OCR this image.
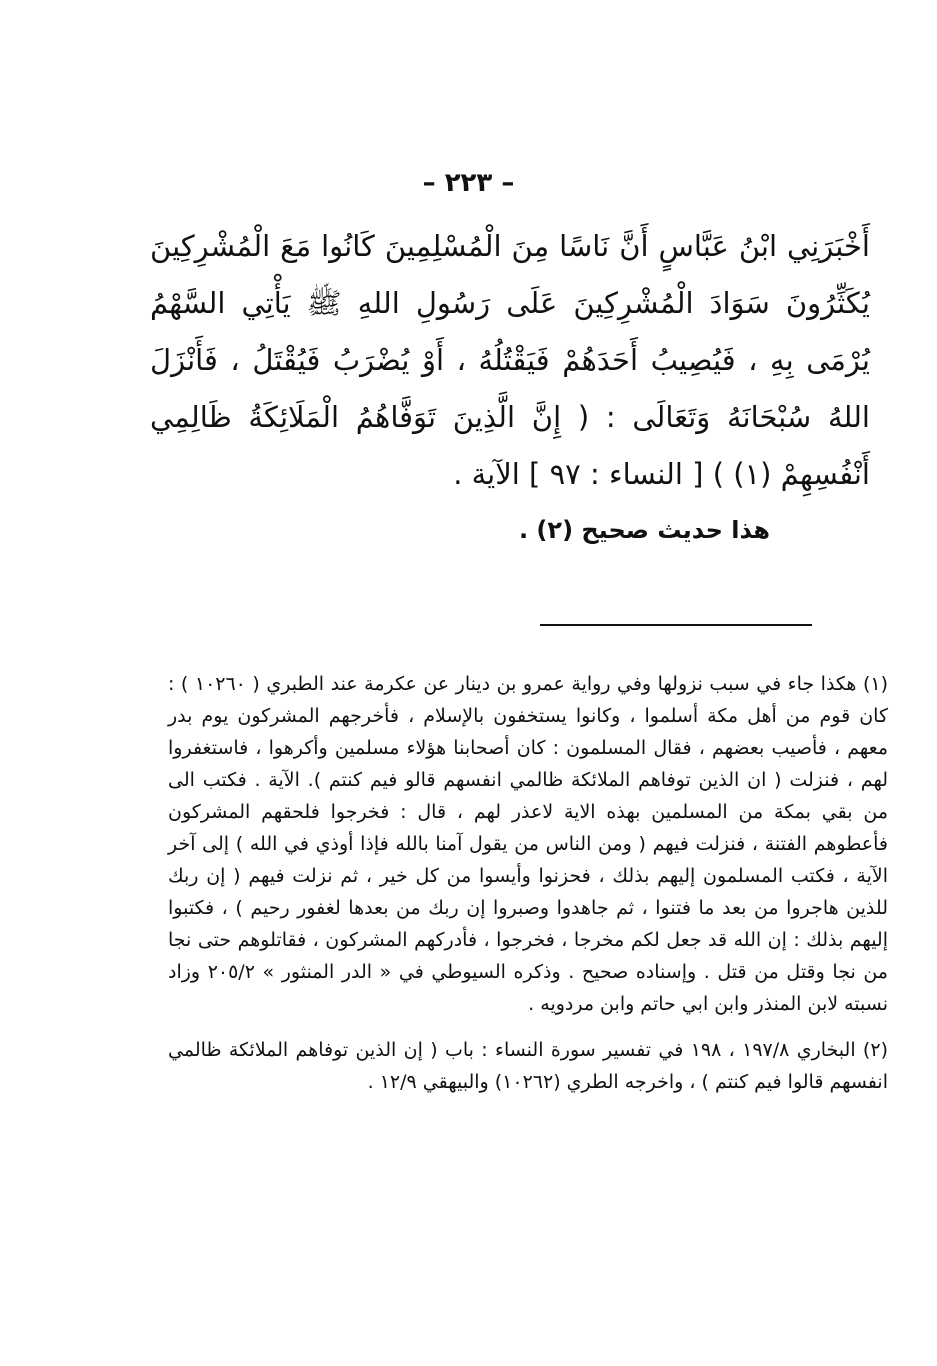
– ٢٢٣ –

أَخْبَرَنِي ابْنُ عَبَّاسٍ أَنَّ نَاسًا مِنَ الْمُسْلِمِينَ كَانُوا مَعَ الْمُشْرِكِينَ يُكَثِّرُونَ سَوَادَ الْمُشْرِكِينَ عَلَى رَسُولِ اللهِ ﷺ يَأْتِي السَّهْمُ يُرْمَى بِهِ ، فَيُصِيبُ أَحَدَهُمْ فَيَقْتُلُهُ ، أَوْ يُضْرَبُ فَيُقْتَلُ ، فَأَنْزَلَ اللهُ سُبْحَانَهُ وَتَعَالَى : ( إِنَّ الَّذِينَ تَوَفَّاهُمُ الْمَلَائِكَةُ ظَالِمِي أَنْفُسِهِمْ (١) ) [ النساء : ٩٧ ] الآية .

هذا حديث صحيح (٢) .

(١) هكذا جاء في سبب نزولها وفي رواية عمرو بن دينار عن عكرمة عند الطبري ( ١٠٢٦٠ ) : كان قوم من أهل مكة أسلموا ، وكانوا يستخفون بالإسلام ، فأخرجهم المشركون يوم بدر معهم ، فأصيب بعضهم ، فقال المسلمون : كان أصحابنا هؤلاء مسلمين وأكرهوا ، فاستغفروا لهم ، فنزلت ( ان الذين توفاهم الملائكة ظالمي انفسهم قالو فيم كنتم ). الآية . فكتب الى من بقي بمكة من المسلمين بهذه الاية لاعذر لهم ، قال : فخرجوا فلحقهم المشركون فأعطوهم الفتنة ، فنزلت فيهم ( ومن الناس من يقول آمنا بالله فإذا أوذي في الله ) إلى آخر الآية ، فكتب المسلمون إليهم بذلك ، فحزنوا وأيسوا من كل خير ، ثم نزلت فيهم ( إن ربك للذين هاجروا من بعد ما فتنوا ، ثم جاهدوا وصبروا إن ربك من بعدها لغفور رحيم ) ، فكتبوا إليهم بذلك : إن الله قد جعل لكم مخرجا ، فخرجوا ، فأدركهم المشركون ، فقاتلوهم حتى نجا من نجا وقتل من قتل . وإسناده صحيح . وذكره السيوطي في « الدر المنثور » ٢٠٥/٢ وزاد نسبته لابن المنذر وابن ابي حاتم وابن مردويه .

(٢) البخاري ١٩٧/٨ ، ١٩٨ في تفسير سورة النساء : باب ( إن الذين توفاهم الملائكة ظالمي انفسهم قالوا فيم كنتم ) ، واخرجه الطري (١٠٢٦٢) والبيهقي ١٢/٩ .
